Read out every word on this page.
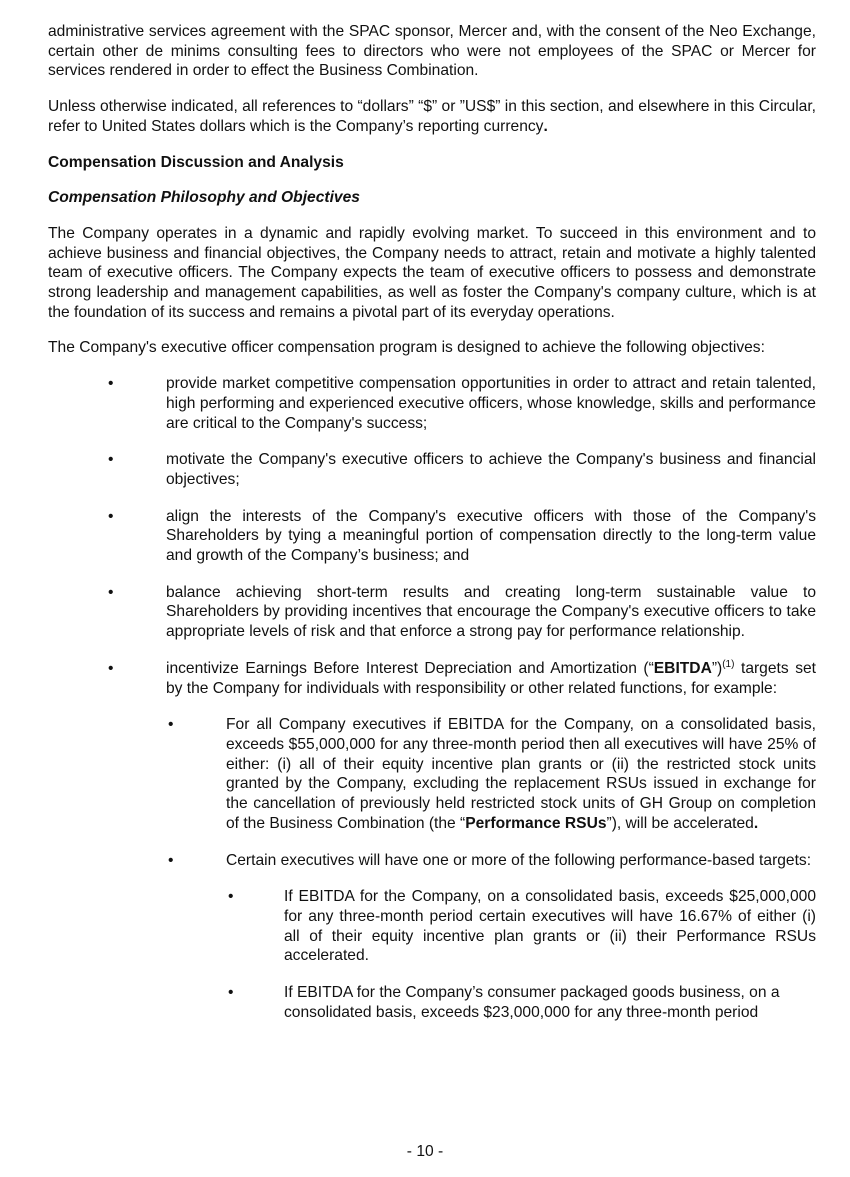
administrative services agreement with the SPAC sponsor, Mercer and, with the consent of the Neo Exchange, certain other de minims consulting fees to directors who were not employees of the SPAC or Mercer for services rendered in order to effect the Business Combination.

Unless otherwise indicated, all references to “dollars” “$” or ”US$” in this section, and elsewhere in this Circular, refer to United States dollars which is the Company’s reporting currency.

Compensation Discussion and Analysis

Compensation Philosophy and Objectives

The Company operates in a dynamic and rapidly evolving market. To succeed in this environment and to achieve business and financial objectives, the Company needs to attract, retain and motivate a highly talented team of executive officers. The Company expects the team of executive officers to possess and demonstrate strong leadership and management capabilities, as well as foster the Company's company culture, which is at the foundation of its success and remains a pivotal part of its everyday operations.

The Company's executive officer compensation program is designed to achieve the following objectives:

•	provide market competitive compensation opportunities in order to attract and retain talented, high performing and experienced executive officers, whose knowledge, skills and performance are critical to the Company's success;

•	motivate the Company's executive officers to achieve the Company's business and financial objectives;

•	align the interests of the Company's executive officers with those of the Company's Shareholders by tying a meaningful portion of compensation directly to the long-term value and growth of the Company’s business; and

•	balance achieving short-term results and creating long-term sustainable value to Shareholders by providing incentives that encourage the Company's executive officers to take appropriate levels of risk and that enforce a strong pay for performance relationship.

•	incentivize Earnings Before Interest Depreciation and Amortization (“EBITDA”)$^{(1)}$ targets set by the Company for individuals with responsibility or other related functions, for example:

•	For all Company executives if EBITDA for the Company, on a consolidated basis, exceeds $55,000,000 for any three-month period then all executives will have 25% of either: (i) all of their equity incentive plan grants or (ii) the restricted stock units granted by the Company, excluding the replacement RSUs issued in exchange for the cancellation of previously held restricted stock units of GH Group on completion of the Business Combination (the “Performance RSUs”), will be accelerated.

•	Certain executives will have one or more of the following performance-based targets:

•	If EBITDA for the Company, on a consolidated basis, exceeds $25,000,000 for any three-month period certain executives will have 16.67% of either (i) all of their equity incentive plan grants or (ii) their Performance RSUs accelerated.

•	If EBITDA for the Company’s consumer packaged goods business, on a consolidated basis, exceeds $23,000,000 for any three-month period

- 10 -
